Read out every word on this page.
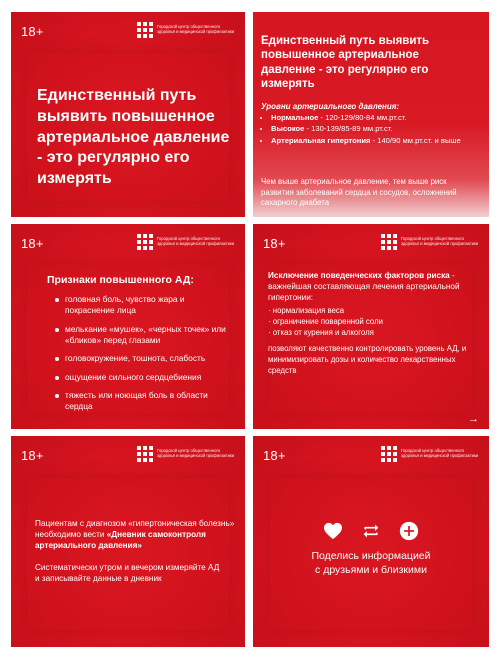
18+	Городской центр общественного здоровья и медицинской профилактики
Единственный путь выявить повышенное артериальное давление - это регулярно его измерять
Единственный путь выявить повышенное артериальное давление - это регулярно его измерять
Уровни артериального давления:
• Нормальное - 120-129/80-84 мм.рт.ст.
• Высокое - 130-139/85-89 мм.рт.ст.
• Артериальная гипертония - 140/90 мм.рт.ст. и выше
Чем выше артериальное давление, тем выше риск развития заболеваний сердца и сосудов, осложнений сахарного диабета
18+	Городской центр общественного здоровья и медицинской профилактики
Признаки повышенного АД:
головная боль, чувство жара и покраснение лица
мелькание «мушек», «черных точек» или «бликов» перед глазами
головокружение, тошнота, слабость
ощущение сильного сердцебиения
тяжесть или ноющая боль в области сердца
18+	Городской центр общественного здоровья и медицинской профилактики
Исключение поведенческих факторов риска - важнейшая составляющая лечения артериальной гипертонии:
· нормализация веса
· ограничение поваренной соли
· отказ от курения и алкоголя
позволяют качественно контролировать уровень АД, и минимизировать дозы и количество лекарственных средств
→
18+	Городской центр общественного здоровья и медицинской профилактики
Пациентам с диагнозом «гипертоническая болезнь» необходимо вести «Дневник самоконтроля артериального давления»
Систематически утром и вечером измеряйте АД и записывайте данные в дневник
18+	Городской центр общественного здоровья и медицинской профилактики
Поделись информацией
с друзьями и близкими
